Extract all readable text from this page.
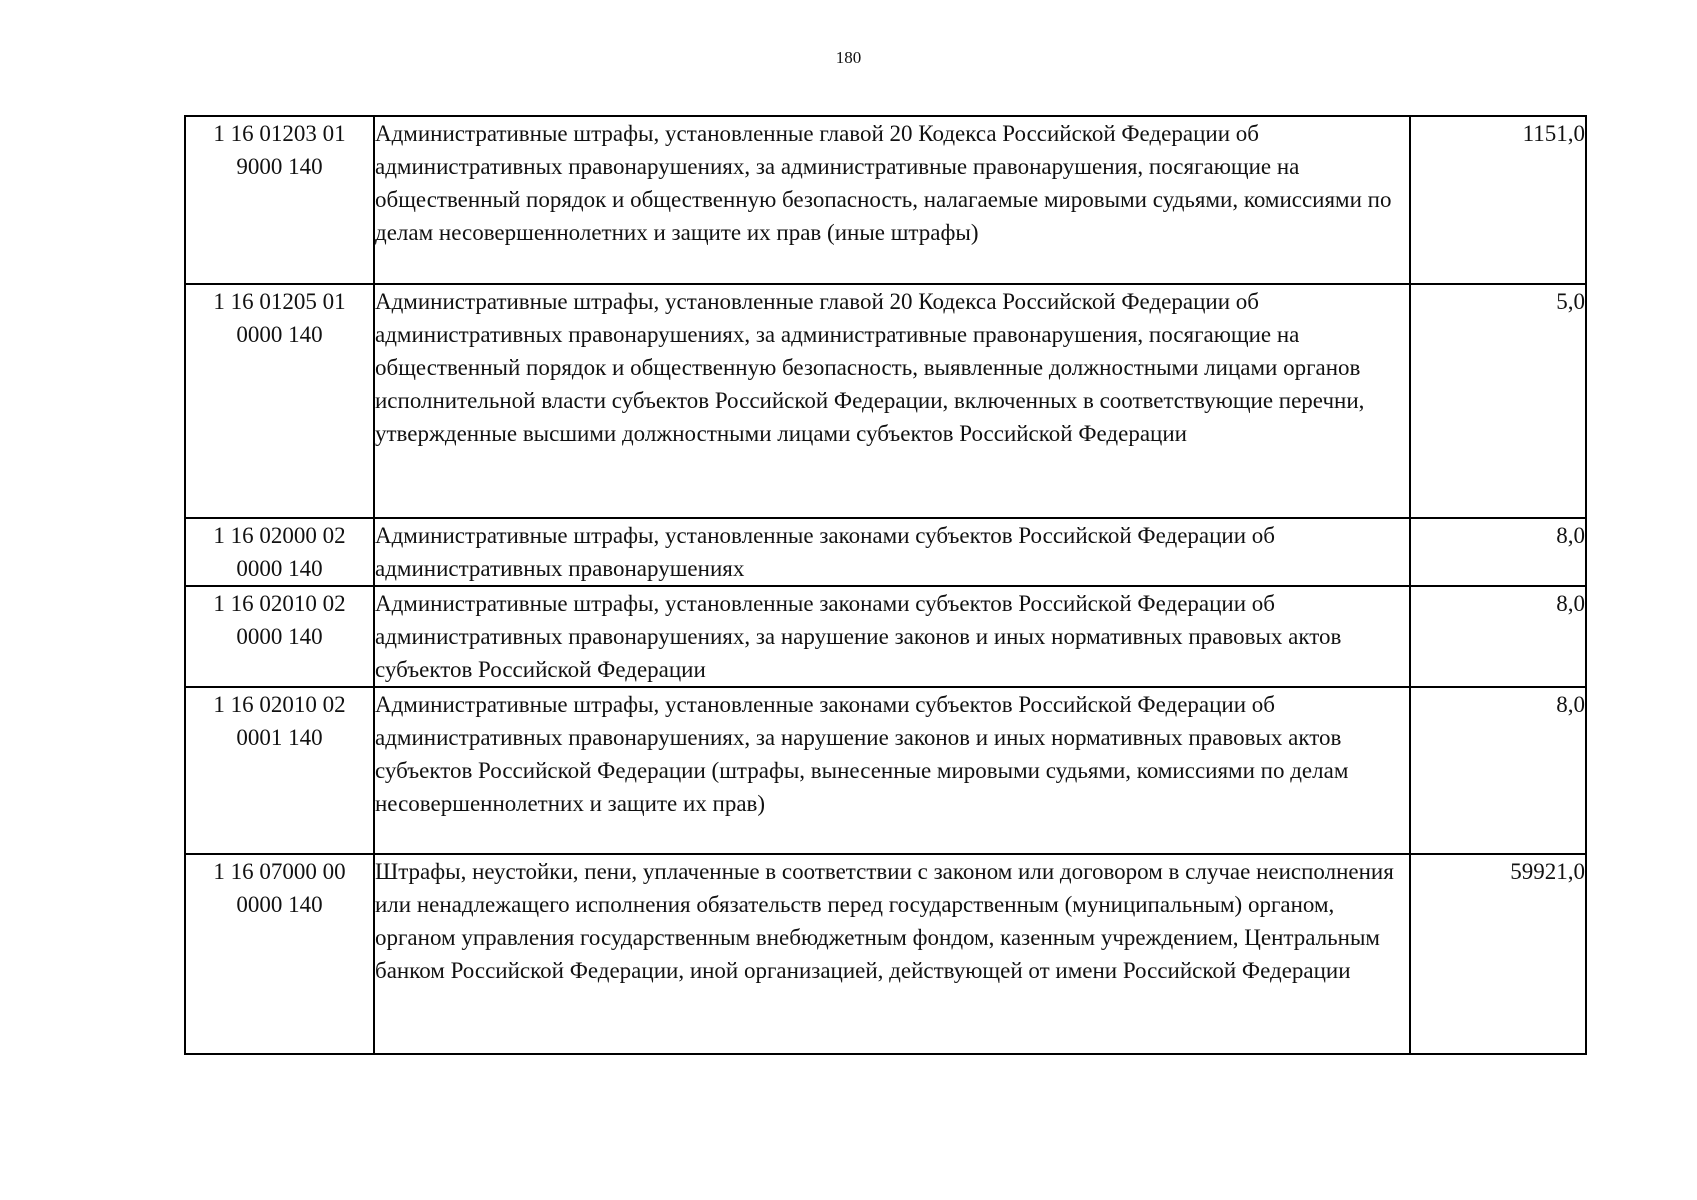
180
1 16 01203 01
9000 140	Административные штрафы, установленные главой 20 Кодекса Российской Федерации об административных правонарушениях, за административные правонарушения, посягающие на общественный порядок и общественную безопасность, налагаемые мировыми судьями, комиссиями по делам несовершеннолетних и защите их прав (иные штрафы)	1151,0

1 16 01205 01
0000 140	Административные штрафы, установленные главой 20 Кодекса Российской Федерации об административных правонарушениях, за административные правонарушения, посягающие на общественный порядок и общественную безопасность, выявленные должностными лицами органов исполнительной власти субъектов Российской Федерации, включенных в соответствующие перечни, утвержденные высшими должностными лицами субъектов Российской Федерации	5,0

1 16 02000 02
0000 140	Административные штрафы, установленные законами субъектов Российской Федерации об административных правонарушениях	8,0

1 16 02010 02
0000 140	Административные штрафы, установленные законами субъектов Российской Федерации об административных правонарушениях, за нарушение законов и иных нормативных правовых актов субъектов Российской Федерации	8,0

1 16 02010 02
0001 140	Административные штрафы, установленные законами субъектов Российской Федерации об административных правонарушениях, за нарушение законов и иных нормативных правовых актов субъектов Российской Федерации (штрафы, вынесенные мировыми судьями, комиссиями по делам несовершеннолетних и защите их прав)	8,0

1 16 07000 00
0000 140	Штрафы, неустойки, пени, уплаченные в соответствии с законом или договором в случае неисполнения или ненадлежащего исполнения обязательств перед государственным (муниципальным) органом, органом управления государственным внебюджетным фондом, казенным учреждением, Центральным банком Российской Федерации, иной организацией, действующей от имени Российской Федерации	59921,0
